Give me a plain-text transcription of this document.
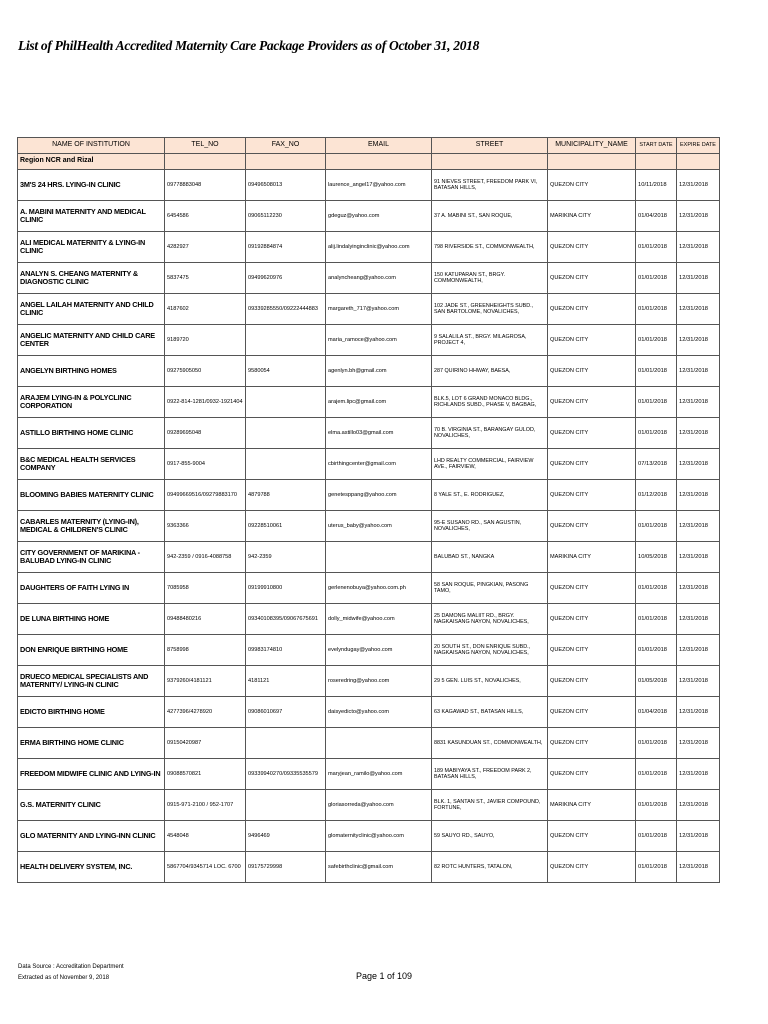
List of PhilHealth Accredited Maternity Care Package Providers as of October 31, 2018
NAME OF INSTITUTION	TEL_NO	FAX_NO	EMAIL	STREET	MUNICIPALITY_NAME	START DATE	EXPIRE DATE
Region NCR and Rizal							
3M'S 24 HRS. LYING-IN CLINIC	09778883048	09496508013	laurence_angel17@yahoo.com	91 NIEVES STREET, FREEDOM PARK VI, BATASAN HILLS,	QUEZON CITY	10/11/2018	12/31/2018
A. MABINI MATERNITY AND MEDICAL CLINIC	6454586	09065112230	gdeguz@yahoo.com	37 A. MABINI ST., SAN ROQUE,	MARIKINA CITY	01/04/2018	12/31/2018
ALI MEDICAL MATERNITY & LYING-IN CLINIC	4282927	09192884874	alij.lindalyinginclinic@yahoo.com	798 RIVERSIDE ST., COMMONWEALTH,	QUEZON CITY	01/01/2018	12/31/2018
ANALYN S. CHEANG MATERNITY & DIAGNOSTIC CLINIC	5837475	09499620976	analyncheang@yahoo.com	150 KATUPARAN ST., BRGY. COMMONWEALTH,	QUEZON CITY	01/01/2018	12/31/2018
ANGEL LAILAH MATERNITY AND CHILD CLINIC	4187602	09339285550/09222444883	margareth_717@yahoo.com	102 JADE ST., GREENHEIGHTS SUBD., SAN BARTOLOME, NOVALICHES,	QUEZON CITY	01/01/2018	12/31/2018
ANGELIC MATERNITY AND CHILD CARE CENTER	9189720		maria_ramoce@yahoo.com	9 SALALILA ST., BRGY. MILAGROSA, PROJECT 4,	QUEZON CITY	01/01/2018	12/31/2018
ANGELYN BIRTHING HOMES	09275905050	9580054	agenlyn.bh@gmail.com	287 QUIRINO HHWAY, BAESA,	QUEZON CITY	01/01/2018	12/31/2018
ARAJEM LYING-IN & POLYCLINIC CORPORATION	0922-814-1281/0932-1921404		arajem.lipc@gmail.com	BLK.5, LOT 6 GRAND MONACO BLDG., RICHLANDS SUBD., PHASE V, BAGBAG,	QUEZON CITY	01/01/2018	12/31/2018
ASTILLO BIRTHING HOME CLINIC	09289695048		elma.astillo03@gmail.com	70 B. VIRGINIA ST., BARANGAY GULOD, NOVALICHES,	QUEZON CITY	01/01/2018	12/31/2018
B&C MEDICAL HEALTH SERVICES COMPANY	0917-855-9004		cbirthingcenter@gmail.com	LHD REALTY COMMERCIAL, FAIRVIEW AVE., FAIRVIEW,	QUEZON CITY	07/13/2018	12/31/2018
BLOOMING BABIES MATERNITY CLINIC	09499669516/09279883170	4879788	genetesppang@yahoo.com	8 YALE ST., E. RODRIGUEZ,	QUEZON CITY	01/12/2018	12/31/2018
CABARLES MATERNITY (LYING-IN), MEDICAL & CHILDREN'S CLINIC	9363366	09228510061	uterus_baby@yahoo.com	95-E SUSANO RD., SAN AGUSTIN, NOVALICHES,	QUEZON CITY	01/01/2018	12/31/2018
CITY GOVERNMENT OF MARIKINA - BALUBAD LYING-IN CLINIC	942-2359 / 0916-4088758	942-2359		BALUBAD ST., NANGKA	MARIKINA CITY	10/05/2018	12/31/2018
DAUGHTERS OF FAITH LYING IN	7085958	09199910800	gerlenenobuya@yahoo.com.ph	58 SAN ROQUE, PINGKIAN, PASONG TAMO,	QUEZON CITY	01/01/2018	12/31/2018
DE LUNA BIRTHING HOME	09488480216	09340108395/09067675691	dolly_midwife@yahoo.com	25 DAMONG MALIIT RD., BRGY. NAGKAISANG NAYON, NOVALICHES,	QUEZON CITY	01/01/2018	12/31/2018
DON ENRIQUE BIRTHING HOME	8758998	09983174810	evelyndugay@yahoo.com	20 SOUTH ST., DON ENRIQUE SUBD., NAGKAISANG NAYON, NOVALICHES,	QUEZON CITY	01/01/2018	12/31/2018
DRUECO MEDICAL SPECIALISTS AND MATERNITY/ LYING-IN CLINIC	9379260/4181121	4181121	roseredring@yahoo.com	29 5 GEN. LUIS ST., NOVALICHES,	QUEZON CITY	01/05/2018	12/31/2018
EDICTO BIRTHING HOME	4277396/4278920	09086010697	daisyedicto@yahoo.com	63 KAGAWAD ST., BATASAN HILLS,	QUEZON CITY	01/04/2018	12/31/2018
ERMA BIRTHING HOME CLINIC	09150420987			8831 KASUNDUAN ST., COMMONWEALTH,	QUEZON CITY	01/01/2018	12/31/2018
FREEDOM MIDWIFE CLINIC AND LYING-IN	09088570821	09339940270/09335535579	maryjean_ramilo@yahoo.com	189 MABIYAYA ST., FREEDOM PARK 2, BATASAN HILLS,	QUEZON CITY	01/01/2018	12/31/2018
G.S. MATERNITY CLINIC	0915-971-2100 / 952-1707		gloriasorreda@yahoo.com	BLK. 1, SANTAN ST., JAVIER COMPOUND, FORTUNE,	MARIKINA CITY	01/01/2018	12/31/2018
GLO MATERNITY AND LYING-INN CLINIC	4548048	9496469	glomaternityclinic@yahoo.com	59 SAUYO RD., SAUYO,	QUEZON CITY	01/01/2018	12/31/2018
HEALTH DELIVERY SYSTEM, INC.	5867704/9345714 LOC. 6700	09175729998	safebirthclinic@gmail.com	82 ROTC HUNTERS, TATALON,	QUEZON CITY	01/01/2018	12/31/2018
Data Source : Accreditation Department
Extracted as of November 9, 2018	Page 1 of 109
